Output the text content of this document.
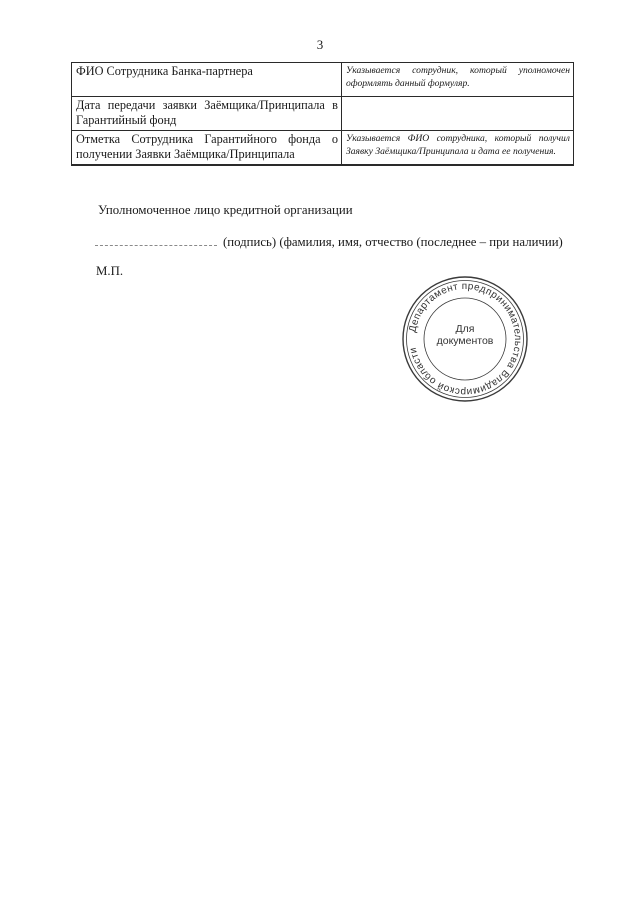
3
ФИО Сотрудника Банка-партнера	Указывается сотрудник, который уполномочен оформлять данный формуляр.
Дата передачи заявки Заёмщика/Принципала в Гарантийный фонд	
Отметка Сотрудника Гарантийного фонда о получении Заявки Заёмщика/Принципала	Указывается ФИО сотрудника, который получил Заявку Заёмщика/Принципала и дата ее получения.
Уполномоченное лицо кредитной организации
(подпись) (фамилия, имя, отчество (последнее – при наличии)
М.П.
Департамент предпринимательства Владимирской области
Для
документов
